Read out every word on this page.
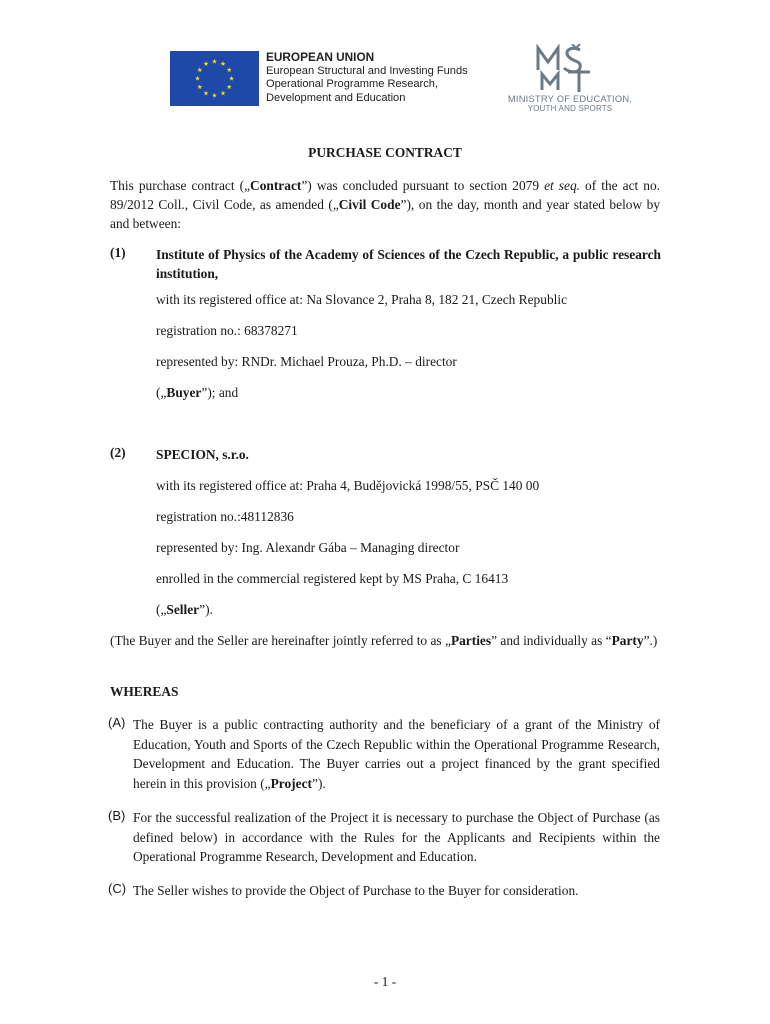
EUROPEAN UNION
European Structural and Investing Funds
Operational Programme Research,
Development and Education	MINISTRY OF EDUCATION,
YOUTH AND SPORTS
PURCHASE CONTRACT
This purchase contract („Contract”) was concluded pursuant to section 2079 et seq. of the act no. 89/2012 Coll., Civil Code, as amended („Civil Code”), on the day, month and year stated below by and between:
(1) Institute of Physics of the Academy of Sciences of the Czech Republic, a public research institution,
with its registered office at: Na Slovance 2, Praha 8, 182 21, Czech Republic
registration no.: 68378271
represented by: RNDr. Michael Prouza, Ph.D. – director
(„Buyer”); and
(2) SPECION, s.r.o.
with its registered office at: Praha 4, Budějovická 1998/55, PSČ 140 00
registration no.:48112836
represented by: Ing. Alexandr Gába – Managing director
enrolled in the commercial registered kept by MS Praha, C 16413
(„Seller”).
(The Buyer and the Seller are hereinafter jointly referred to as „Parties” and individually as “Party”.)
WHEREAS
(A) The Buyer is a public contracting authority and the beneficiary of a grant of the Ministry of Education, Youth and Sports of the Czech Republic within the Operational Programme Research, Development and Education. The Buyer carries out a project financed by the grant specified herein in this provision („Project”).
(B) For the successful realization of the Project it is necessary to purchase the Object of Purchase (as defined below) in accordance with the Rules for the Applicants and Recipients within the Operational Programme Research, Development and Education.
(C) The Seller wishes to provide the Object of Purchase to the Buyer for consideration.
- 1 -
